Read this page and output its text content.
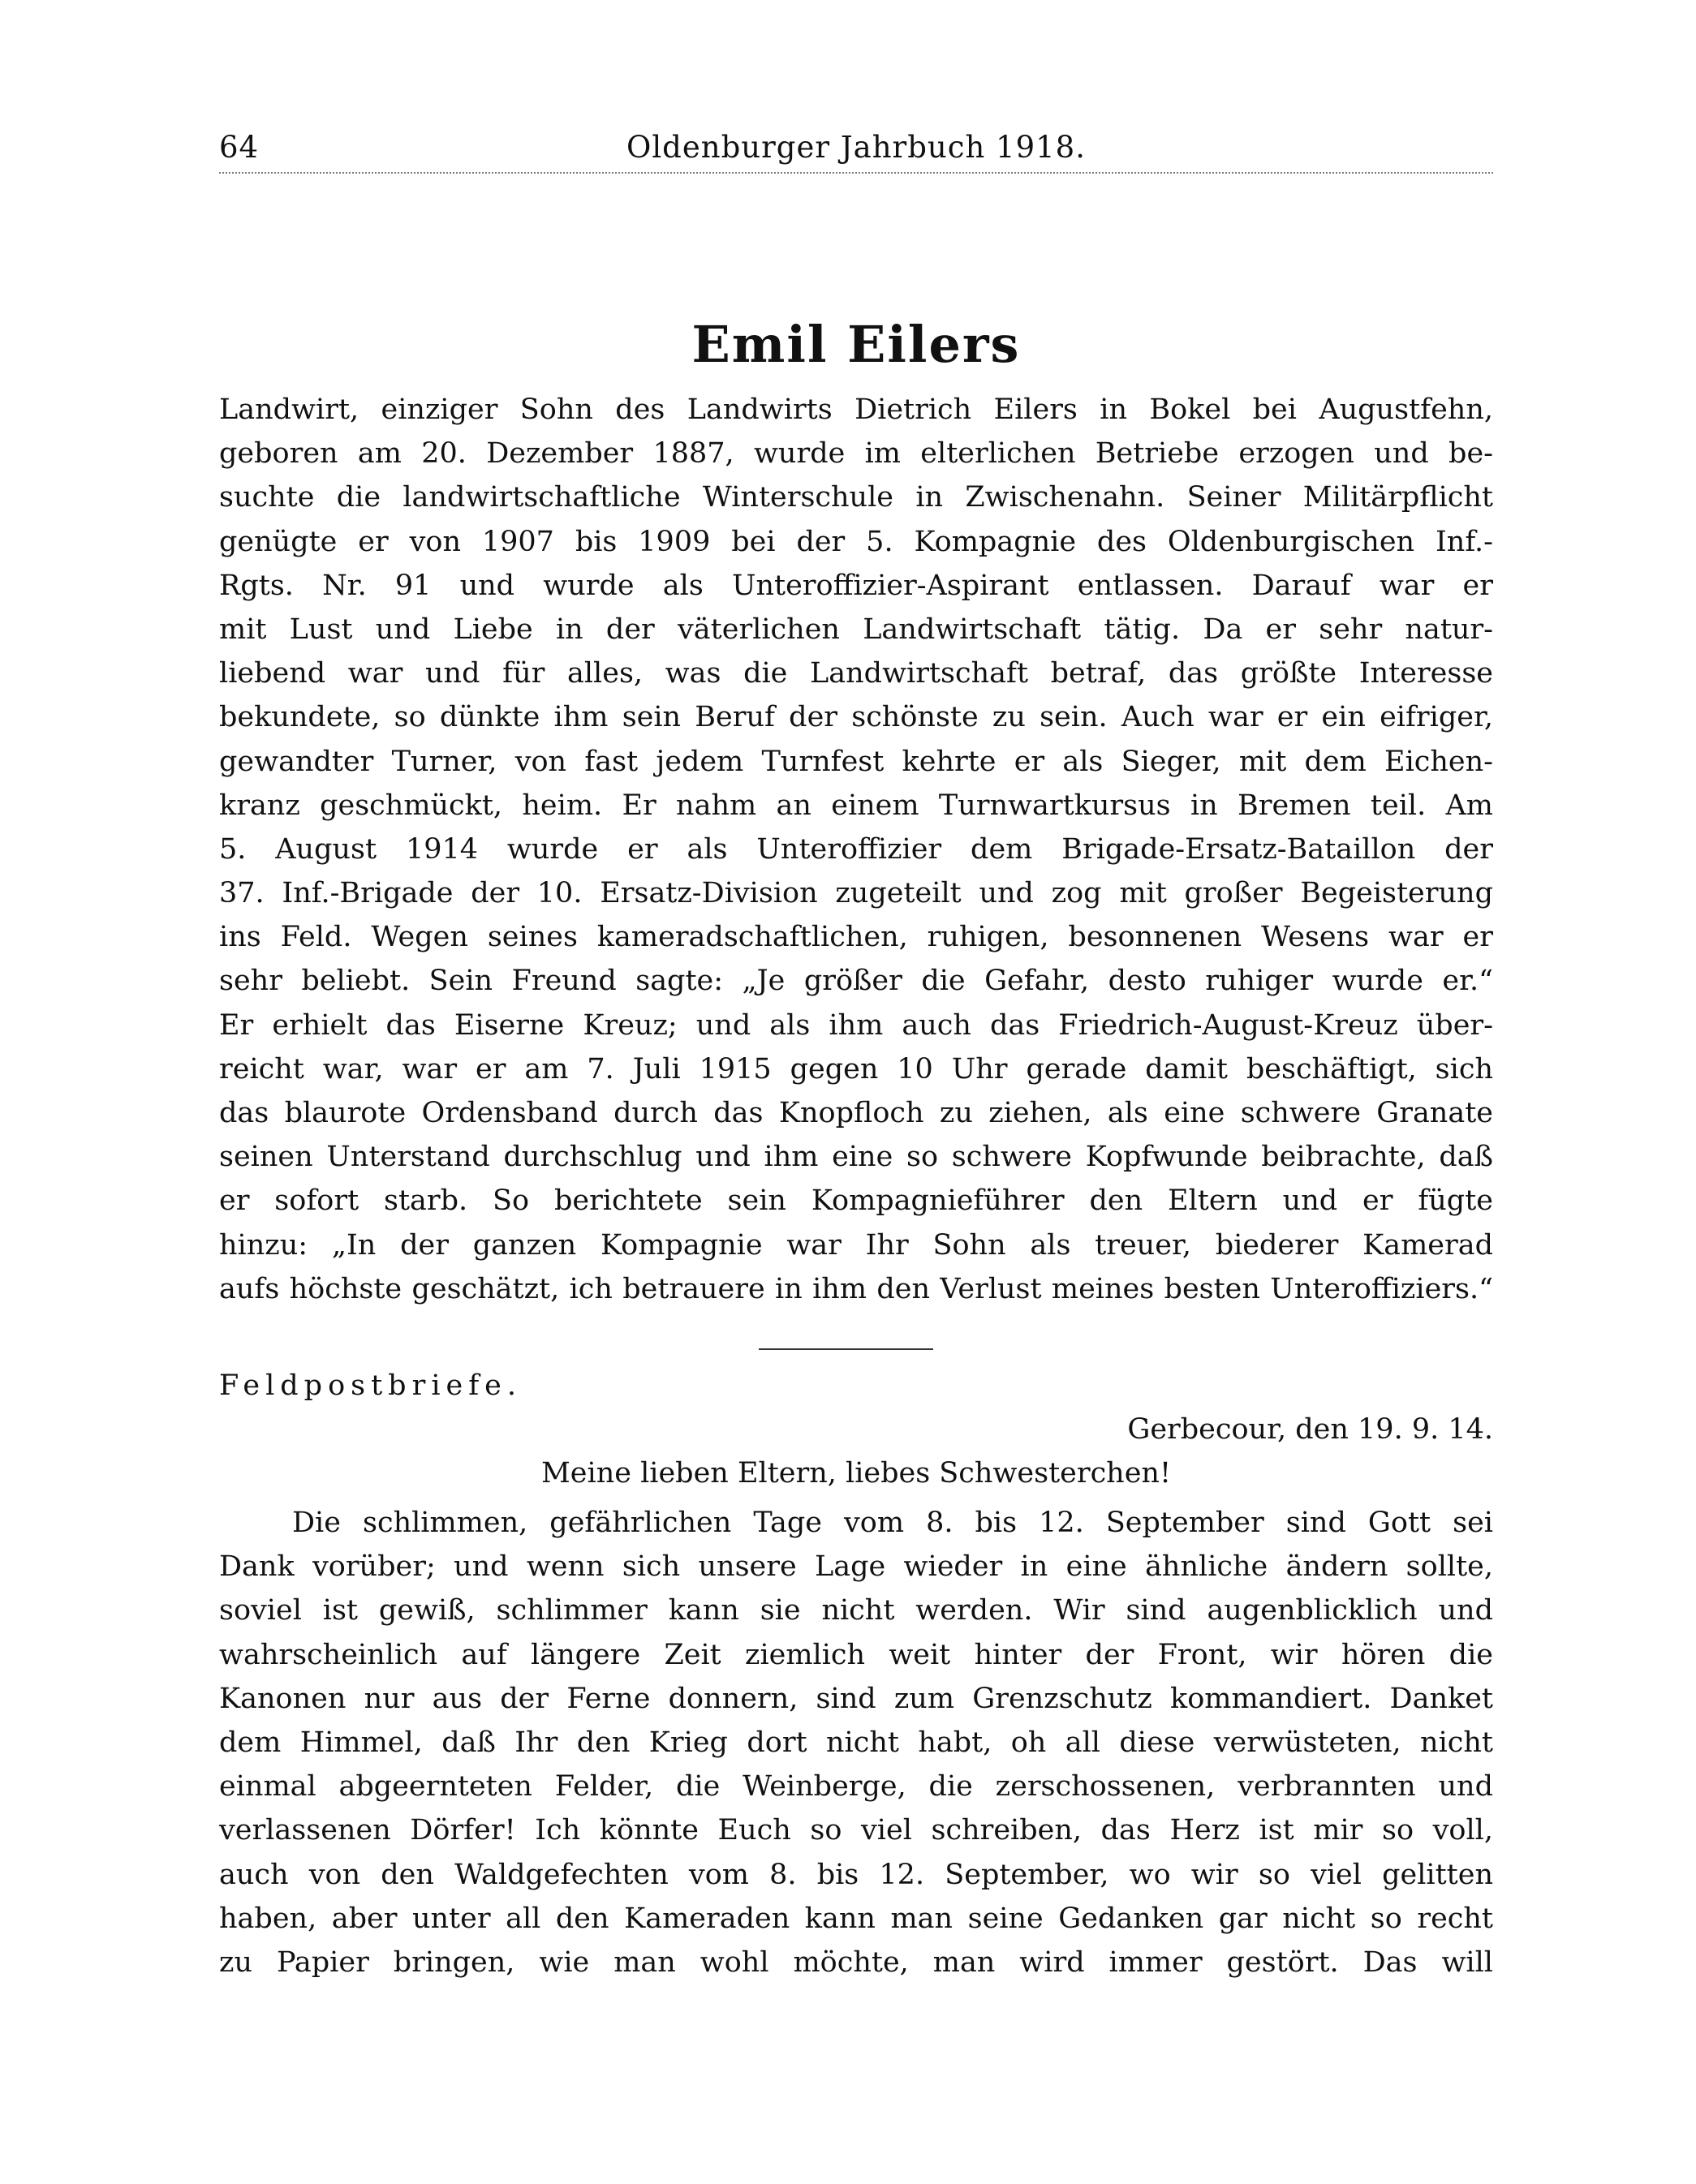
64	Oldenburger Jahrbuch 1918.
Emil Eilers
Landwirt, einziger Sohn des Landwirts Dietrich Eilers in Bokel bei Augustfehn,
geboren am 20. Dezember 1887, wurde im elterlichen Betriebe erzogen und be-
suchte die landwirtschaftliche Winterschule in Zwischenahn. Seiner Militärpflicht
genügte er von 1907 bis 1909 bei der 5. Kompagnie des Oldenburgischen Inf.-
Rgts. Nr. 91 und wurde als Unteroffizier-Aspirant entlassen. Darauf war er
mit Lust und Liebe in der väterlichen Landwirtschaft tätig. Da er sehr natur-
liebend war und für alles, was die Landwirtschaft betraf, das größte Interesse
bekundete, so dünkte ihm sein Beruf der schönste zu sein. Auch war er ein eifriger,
gewandter Turner, von fast jedem Turnfest kehrte er als Sieger, mit dem Eichen-
kranz geschmückt, heim. Er nahm an einem Turnwartkursus in Bremen teil. Am
5. August 1914 wurde er als Unteroffizier dem Brigade-Ersatz-Bataillon der
37. Inf.-Brigade der 10. Ersatz-Division zugeteilt und zog mit großer Begeisterung
ins Feld. Wegen seines kameradschaftlichen, ruhigen, besonnenen Wesens war er
sehr beliebt. Sein Freund sagte: „Je größer die Gefahr, desto ruhiger wurde er.“
Er erhielt das Eiserne Kreuz; und als ihm auch das Friedrich-August-Kreuz über-
reicht war, war er am 7. Juli 1915 gegen 10 Uhr gerade damit beschäftigt, sich
das blaurote Ordensband durch das Knopfloch zu ziehen, als eine schwere Granate
seinen Unterstand durchschlug und ihm eine so schwere Kopfwunde beibrachte, daß
er sofort starb. So berichtete sein Kompagnieführer den Eltern und er fügte
hinzu: „In der ganzen Kompagnie war Ihr Sohn als treuer, biederer Kamerad
aufs höchste geschätzt, ich betrauere in ihm den Verlust meines besten Unteroffiziers.“
Feldpostbriefe.
Gerbecour, den 19. 9. 14.
Meine lieben Eltern, liebes Schwesterchen!
Die schlimmen, gefährlichen Tage vom 8. bis 12. September sind Gott sei
Dank vorüber; und wenn sich unsere Lage wieder in eine ähnliche ändern sollte,
soviel ist gewiß, schlimmer kann sie nicht werden. Wir sind augenblicklich und
wahrscheinlich auf längere Zeit ziemlich weit hinter der Front, wir hören die
Kanonen nur aus der Ferne donnern, sind zum Grenzschutz kommandiert. Danket
dem Himmel, daß Ihr den Krieg dort nicht habt, oh all diese verwüsteten, nicht
einmal abgeernteten Felder, die Weinberge, die zerschossenen, verbrannten und
verlassenen Dörfer! Ich könnte Euch so viel schreiben, das Herz ist mir so voll,
auch von den Waldgefechten vom 8. bis 12. September, wo wir so viel gelitten
haben, aber unter all den Kameraden kann man seine Gedanken gar nicht so recht
zu Papier bringen, wie man wohl möchte, man wird immer gestört. Das will
